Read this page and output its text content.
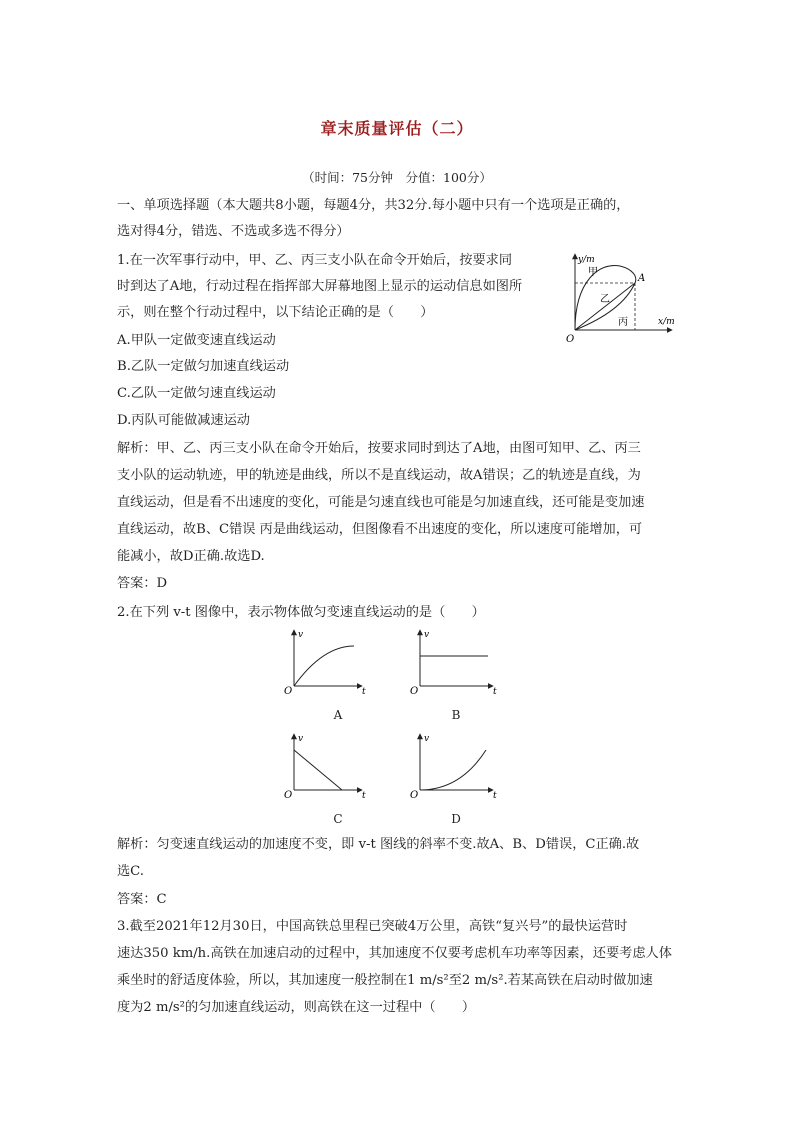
章末质量评估（二）
（时间：75分钟　分值：100分）
一、单项选择题（本大题共8小题，每题4分，共32分.每小题中只有一个选项是正确的，
选对得4分，错选、不选或多选不得分）
1.在一次军事行动中，甲、乙、丙三支小队在命令开始后，按要求同
时到达了A地，行动过程在指挥部大屏幕地图上显示的运动信息如图所
示，则在整个行动过程中，以下结论正确的是（　　）
A.甲队一定做变速直线运动
B.乙队一定做匀加速直线运动
C.乙队一定做匀速直线运动
D.丙队可能做减速运动
y/m
x/m
O
A
甲
乙
丙
解析：甲、乙、丙三支小队在命令开始后，按要求同时到达了A地，由图可知甲、乙、丙三
支小队的运动轨迹，甲的轨迹是曲线，所以不是直线运动，故A错误；乙的轨迹是直线，为
直线运动，但是看不出速度的变化，可能是匀速直线也可能是匀加速直线，还可能是变加速
直线运动，故B、C错误 丙是曲线运动，但图像看不出速度的变化，所以速度可能增加，可
能减小，故D正确.故选D.
答案：D
2.在下列 v-t 图像中，表示物体做匀变速直线运动的是（　　）
v
t
O
A
v
t
O
B
v
t
O
C
v
t
O
D
解析：匀变速直线运动的加速度不变，即 v-t 图线的斜率不变.故A、B、D错误，C正确.故
选C.
答案：C
3.截至2021年12月30日，中国高铁总里程已突破4万公里，高铁“复兴号”的最快运营时
速达350 km/h.高铁在加速启动的过程中，其加速度不仅要考虑机车功率等因素，还要考虑人体
乘坐时的舒适度体验，所以，其加速度一般控制在1 m/s²至2 m/s².若某高铁在启动时做加速
度为2 m/s²的匀加速直线运动，则高铁在这一过程中（　　）
